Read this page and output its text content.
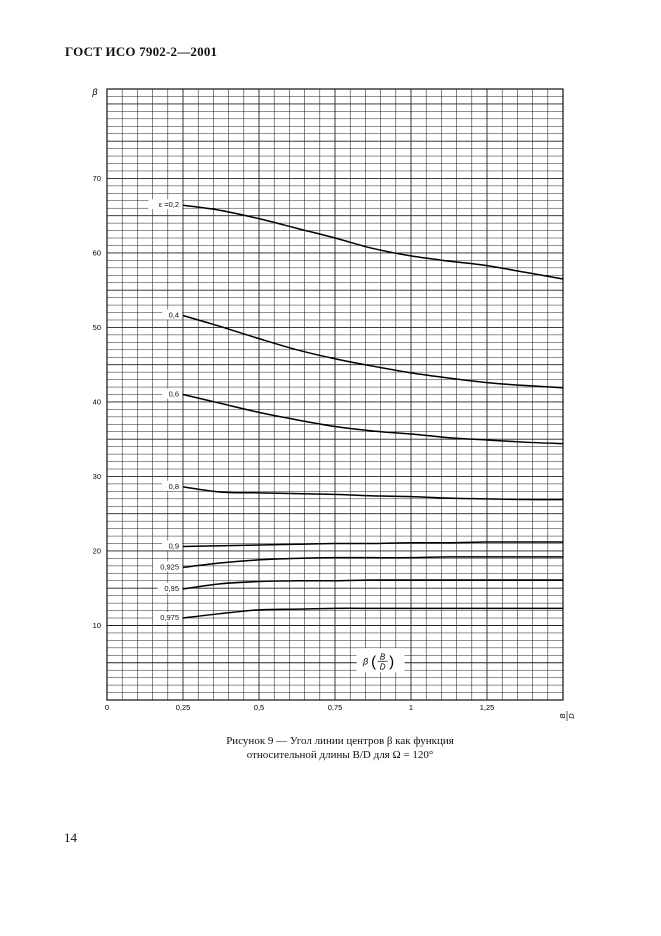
ГОСТ ИСО 7902-2—2001
ε =0,2
0,4
0,6
0,8
0,9
0,925
0,95
0,975
10
20
30
40
50
60
70
0	0,25	0,5	0,75	1	1,25
β
B D
β ( B
D )
Рисунок 9 — Угол линии центров β как функция

относительной длины B/D для Ω = 120°
14
